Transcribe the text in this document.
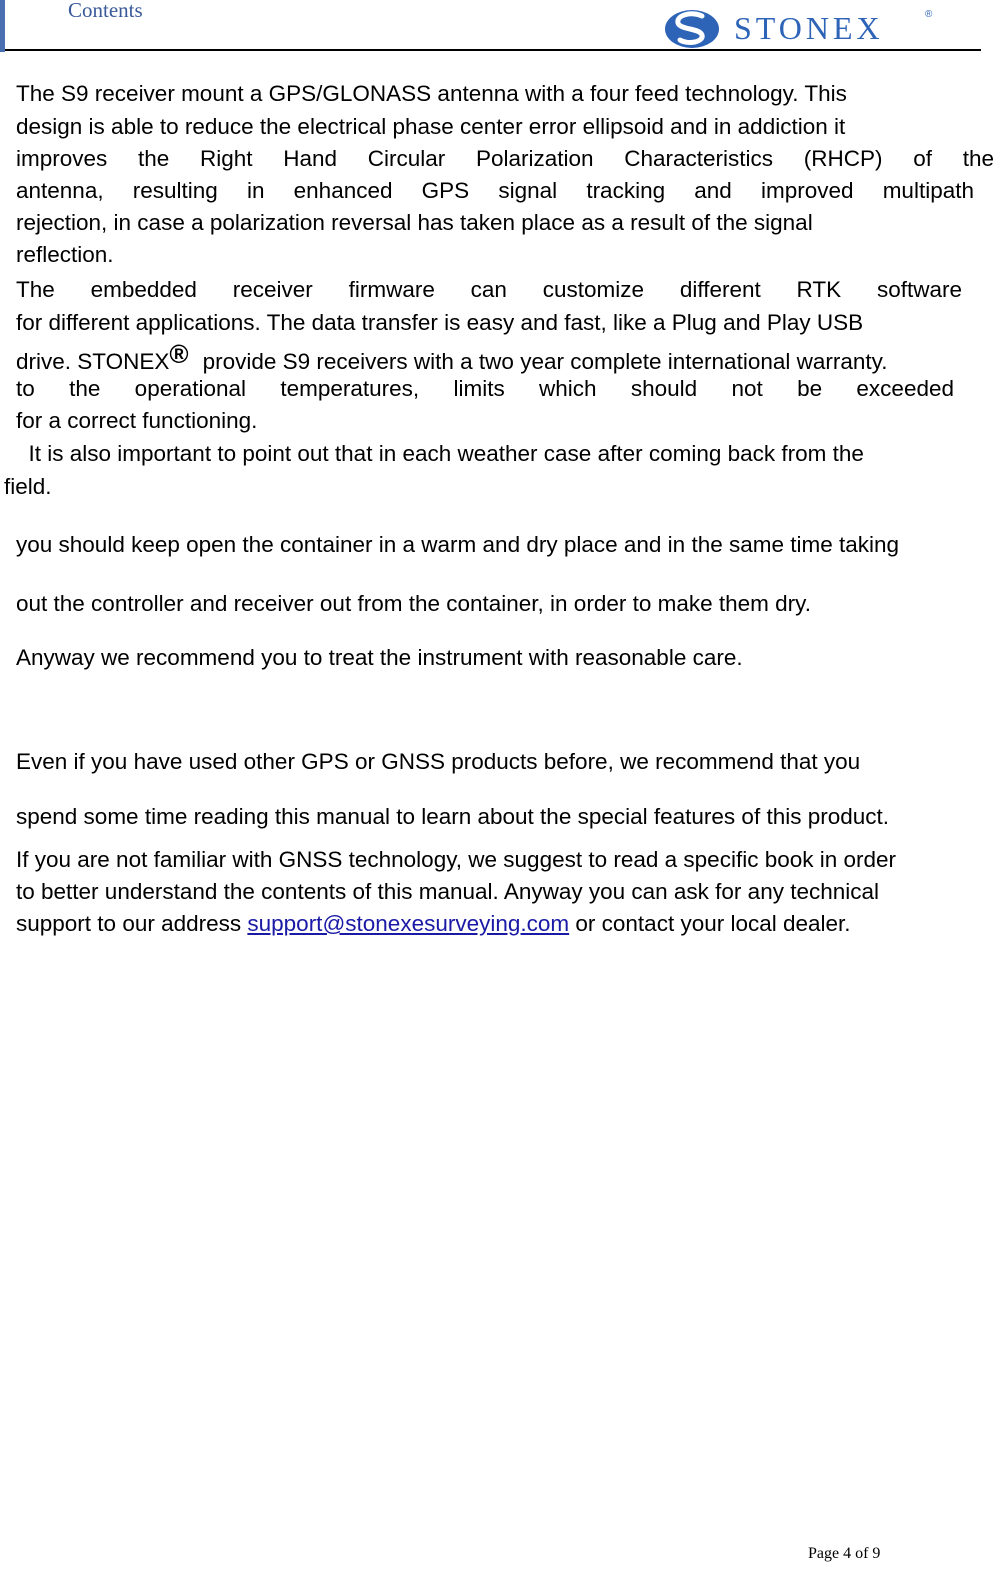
Contents	STONEX	®
The S9 receiver mount a GPS/GLONASS antenna with a four feed technology. This
design is able to reduce the electrical phase center error ellipsoid and in addiction it
improves the Right Hand Circular Polarization Characteristics (RHCP) of the
antenna, resulting in enhanced GPS signal tracking and improved multipath
rejection, in case a polarization reversal has taken place as a result of the signal
reflection.
The embedded receiver firmware can customize different RTK software
for different applications. The data transfer is easy and fast, like a Plug and Play USB
drive. STONEX® provide S9 receivers with a two year complete international warranty.
to the operational temperatures, limits which should not be exceeded
for a correct functioning.
It is also important to point out that in each weather case after coming back from the
field.
you should keep open the container in a warm and dry place and in the same time taking
out the controller and receiver out from the container, in order to make them dry.
Anyway we recommend you to treat the instrument with reasonable care.
Even if you have used other GPS or GNSS products before, we recommend that you
spend some time reading this manual to learn about the special features of this product.
If you are not familiar with GNSS technology, we suggest to read a specific book in order
to better understand the contents of this manual. Anyway you can ask for any technical
support to our address support@stonexesurveying.com or contact your local dealer.
Page 4 of 9
